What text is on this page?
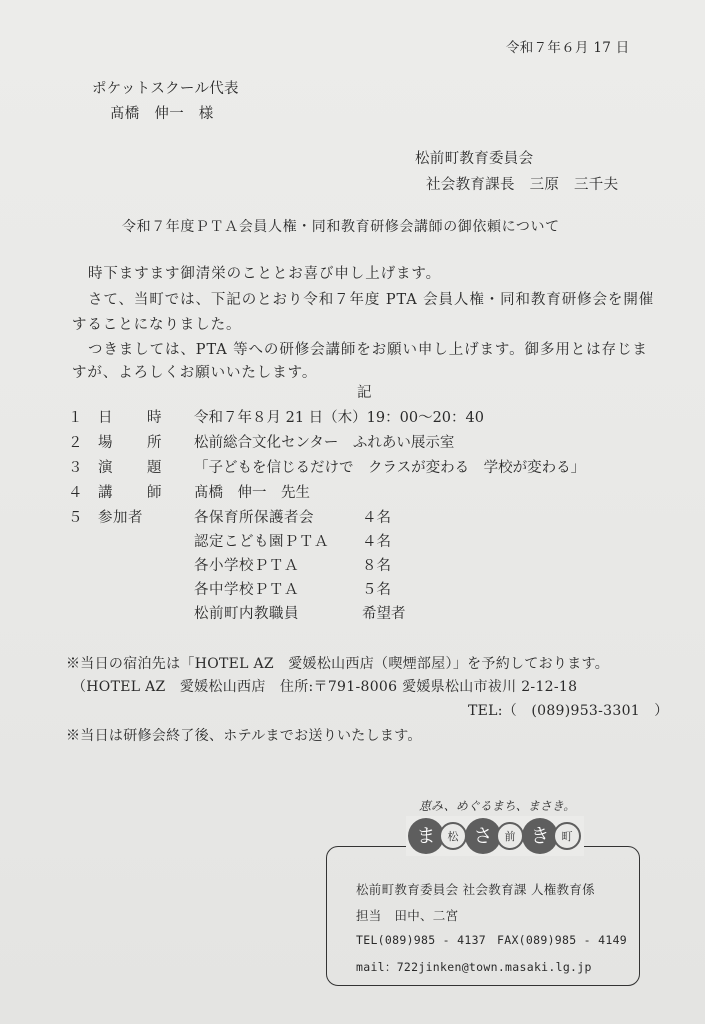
令和７年６月 17 日
ポケットスクール代表
髙橋　伸一　様
松前町教育委員会
社会教育課長　三原　三千夫
令和７年度ＰＴＡ会員人権・同和教育研修会講師の御依頼について
時下ますます御清栄のこととお喜び申し上げます。
さて、当町では、下記のとおり令和７年度 PTA 会員人権・同和教育研修会を開催
することになりました。
つきましては、PTA 等への研修会講師をお願い申し上げます。御多用とは存じま
すが、よろしくお願いいたします。
記
１ 日　時 令和７年８月 21 日（木）19：00〜20：40
２ 場　所 松前総合文化センター　ふれあい展示室
３ 演　題 「子どもを信じるだけで　クラスが変わる　学校が変わる」
４ 講　師 髙橋　伸一　先生
５ 参加者	各保育所保護者会	４名
認定こども園ＰＴＡ ４名
各小学校ＰＴＡ	８名
各中学校ＰＴＡ	５名
松前町内教職員	希望者
※当日の宿泊先は「HOTEL AZ　愛媛松山西店（喫煙部屋）」を予約しております。
（HOTEL AZ　愛媛松山西店　住所:〒791-8006 愛媛県松山市祓川 2-12-18
TEL:（　(089)953-3301　）
※当日は研修会終了後、ホテルまでお送りいたします。
恵み、めぐるまち、まさき。
ま 松 さ 前 き 町
松前町教育委員会 社会教育課 人権教育係
担当　田中、二宮
TEL(089)985 - 4137 FAX(089)985 - 4149
mail：722jinken@town.masaki.lg.jp
